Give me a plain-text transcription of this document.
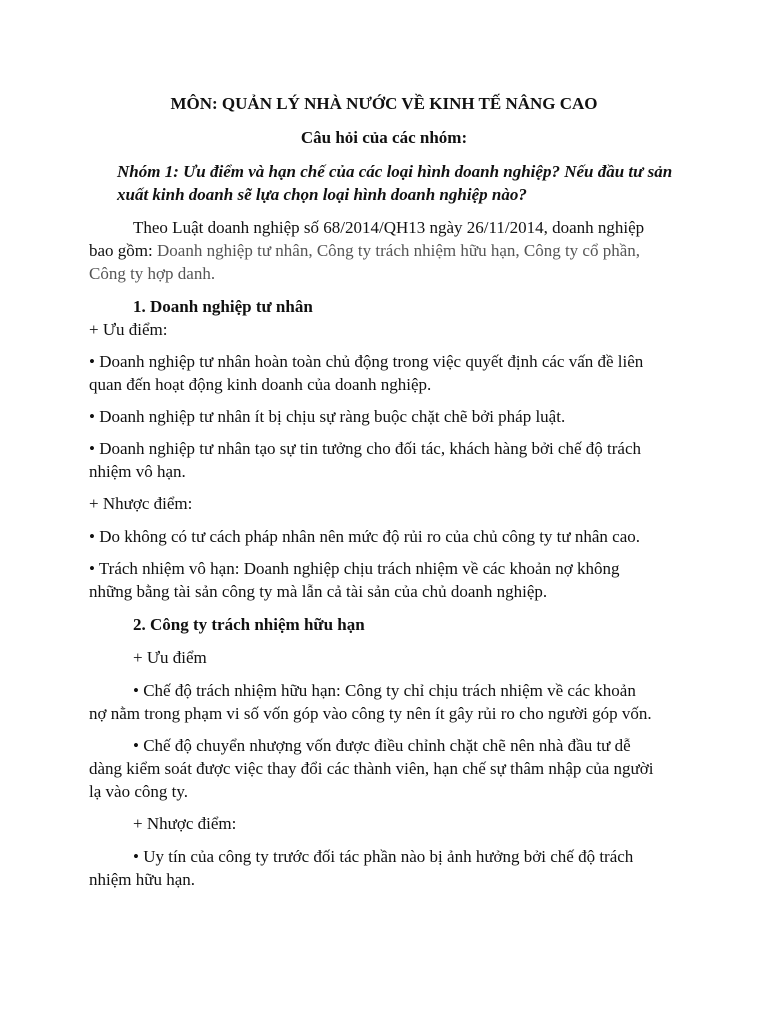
MÔN: QUẢN LÝ NHÀ NƯỚC VỀ KINH TẾ NÂNG CAO
Câu hỏi của các nhóm:
Nhóm 1: Ưu điểm và hạn chế của các loại hình doanh nghiệp? Nếu đầu tư sản
xuất kinh doanh sẽ lựa chọn loại hình doanh nghiệp nào?
Theo Luật doanh nghiệp số 68/2014/QH13 ngày 26/11/2014, doanh nghiệp
bao gồm: Doanh nghiệp tư nhân, Công ty trách nhiệm hữu hạn, Công ty cổ phần,
Công ty hợp danh.
1. Doanh nghiệp tư nhân
+ Ưu điểm:
• Doanh nghiệp tư nhân hoàn toàn chủ động trong việc quyết định các vấn đề liên
quan đến hoạt động kinh doanh của doanh nghiệp.
• Doanh nghiệp tư nhân ít bị chịu sự ràng buộc chặt chẽ bởi pháp luật.
• Doanh nghiệp tư nhân tạo sự tin tưởng cho đối tác, khách hàng bởi chế độ trách
nhiệm vô hạn.
+ Nhược điểm:
• Do không có tư cách pháp nhân nên mức độ rủi ro của chủ công ty tư nhân cao.
• Trách nhiệm vô hạn: Doanh nghiệp chịu trách nhiệm về các khoản nợ không
những bằng tài sản công ty mà lẫn cả tài sản của chủ doanh nghiệp.
2. Công ty trách nhiệm hữu hạn
+ Ưu điểm
• Chế độ trách nhiệm hữu hạn: Công ty chỉ chịu trách nhiệm về các khoản
nợ nằm trong phạm vi số vốn góp vào công ty nên ít gây rủi ro cho người góp vốn.
• Chế độ chuyển nhượng vốn được điều chỉnh chặt chẽ nên nhà đầu tư dễ
dàng kiểm soát được việc thay đổi các thành viên, hạn chế sự thâm nhập của người
lạ vào công ty.
+ Nhược điểm:
• Uy tín của công ty trước đối tác phần nào bị ảnh hưởng bởi chế độ trách
nhiệm hữu hạn.
